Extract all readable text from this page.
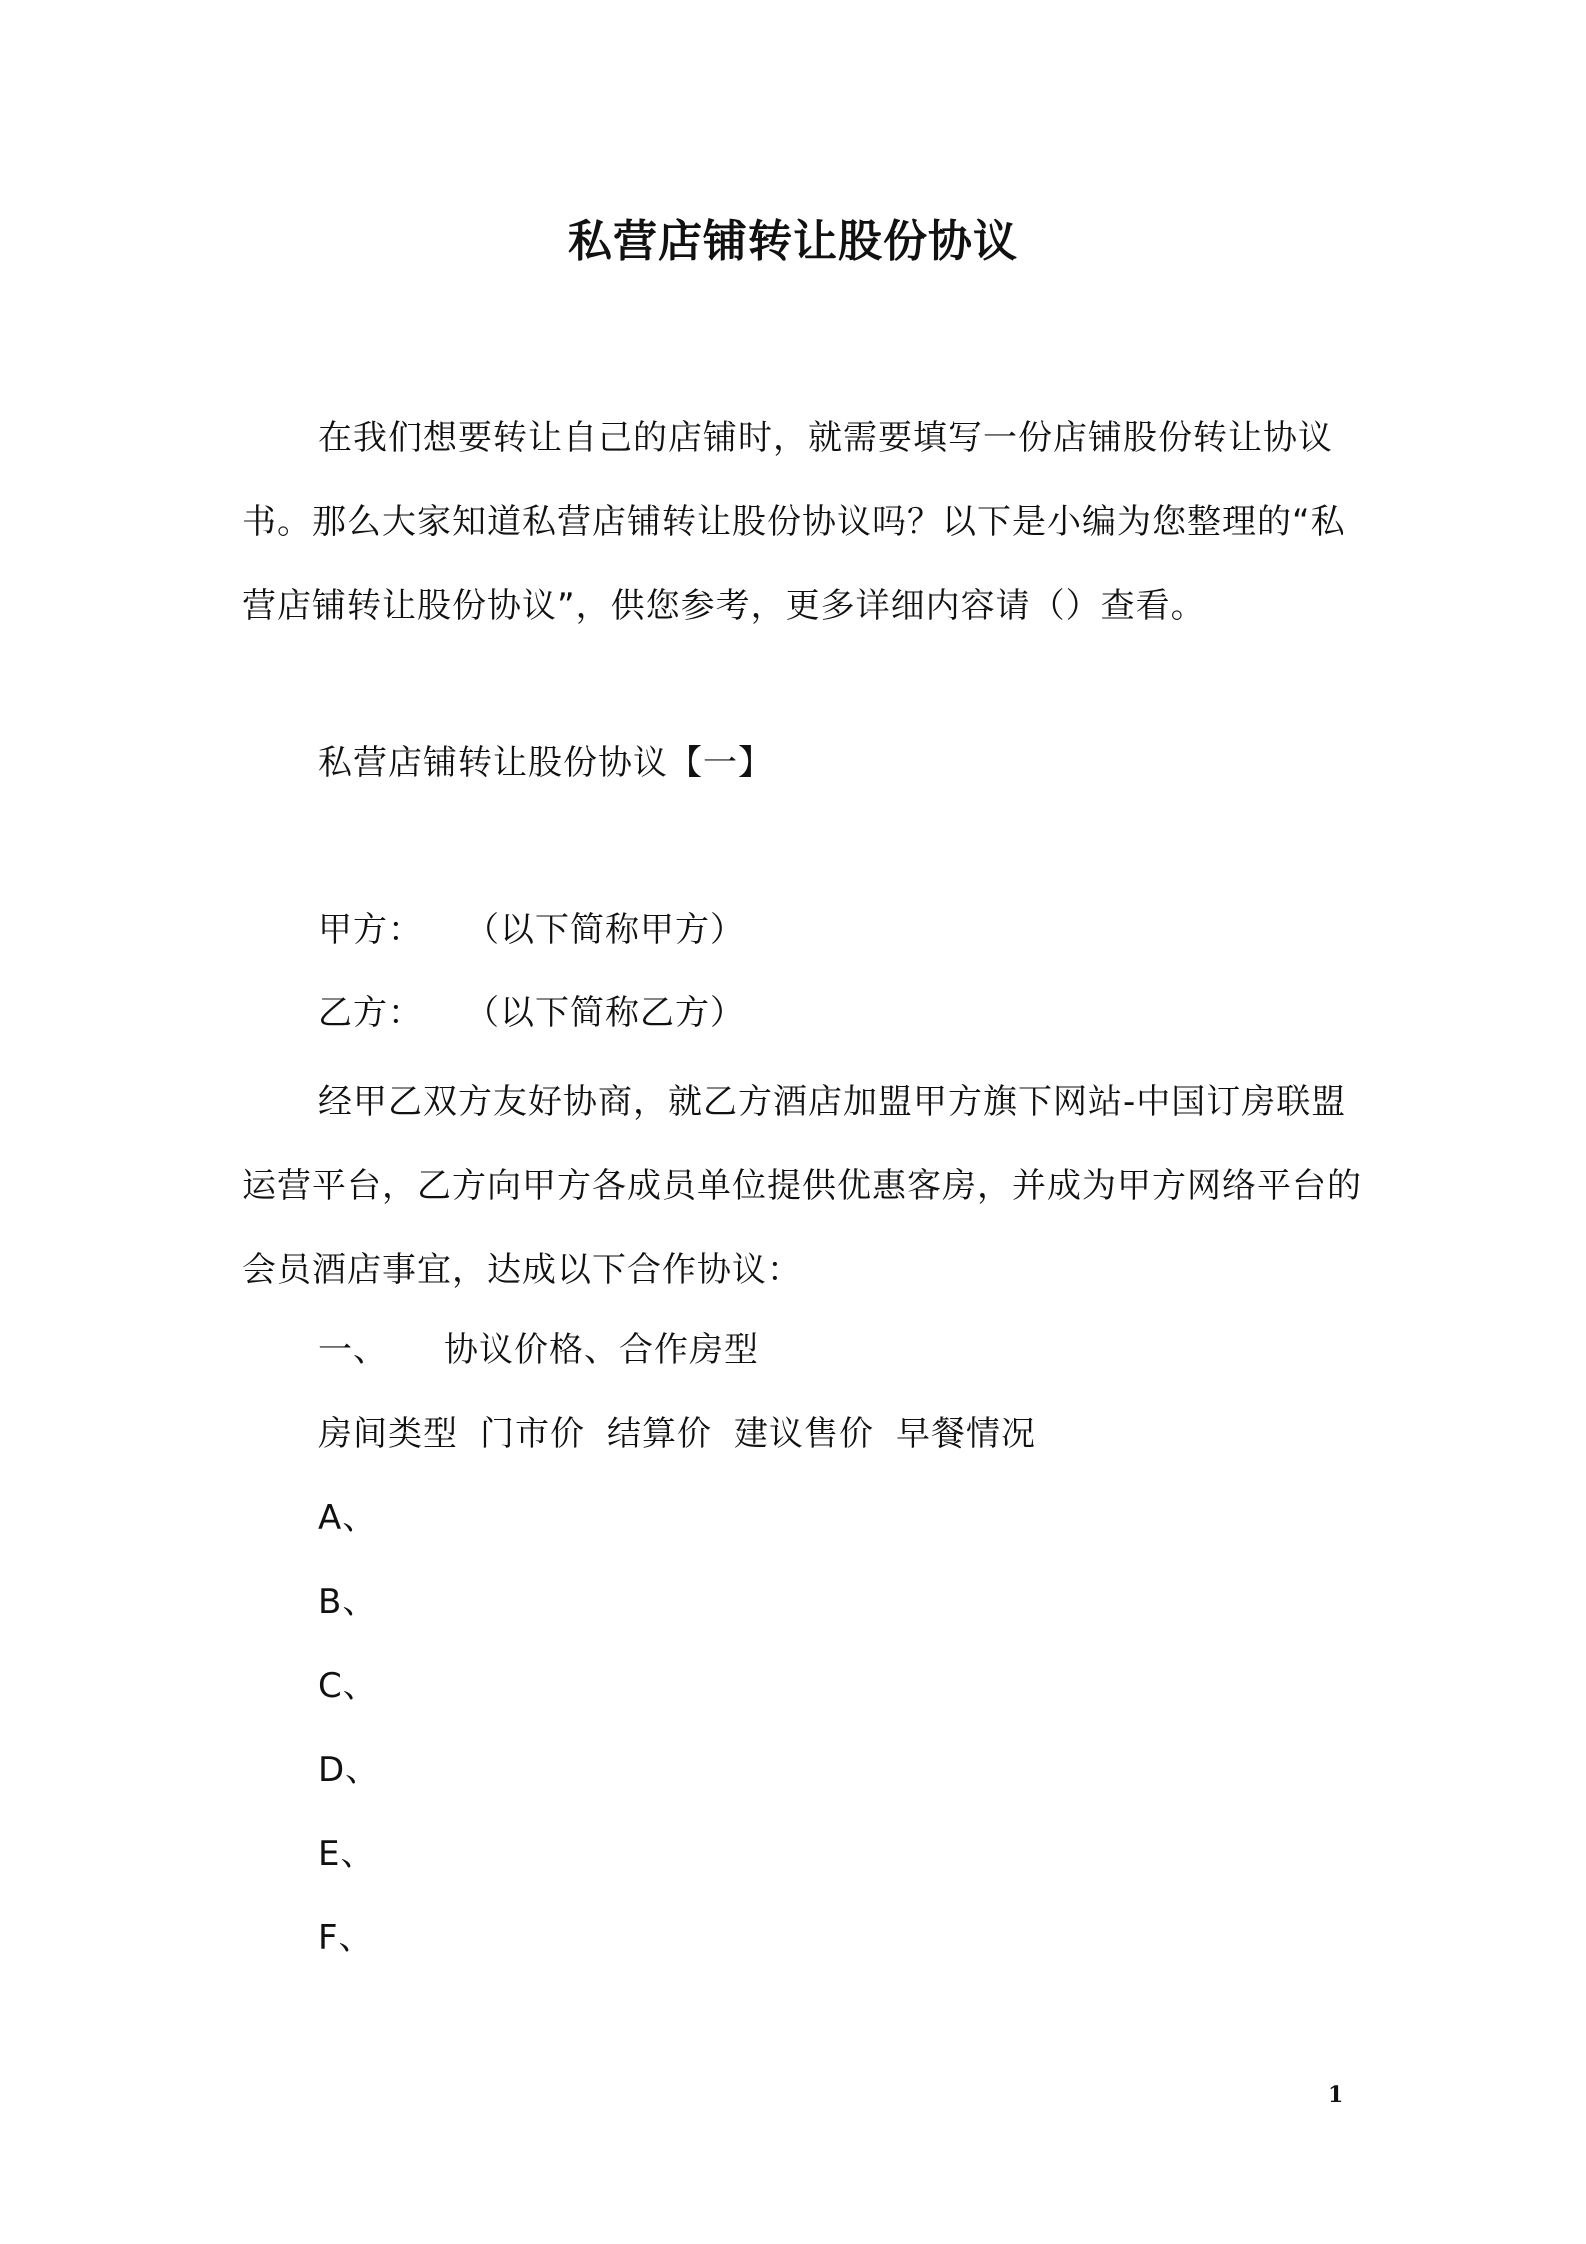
私营店铺转让股份协议
在我们想要转让自己的店铺时，就需要填写一份店铺股份转让协议书。那么大家知道私营店铺转让股份协议吗？以下是小编为您整理的“私营店铺转让股份协议”，供您参考，更多详细内容请（）查看。
私营店铺转让股份协议【一】
甲方： （以下简称甲方）
乙方： （以下简称乙方）
经甲乙双方友好协商，就乙方酒店加盟甲方旗下网站-中国订房联盟运营平台，乙方向甲方各成员单位提供优惠客房，并成为甲方网络平台的会员酒店事宜，达成以下合作协议：
一、 协议价格、合作房型
房间类型 门市价 结算价 建议售价 早餐情况
A、
B、
C、
D、
E、
F、
1
